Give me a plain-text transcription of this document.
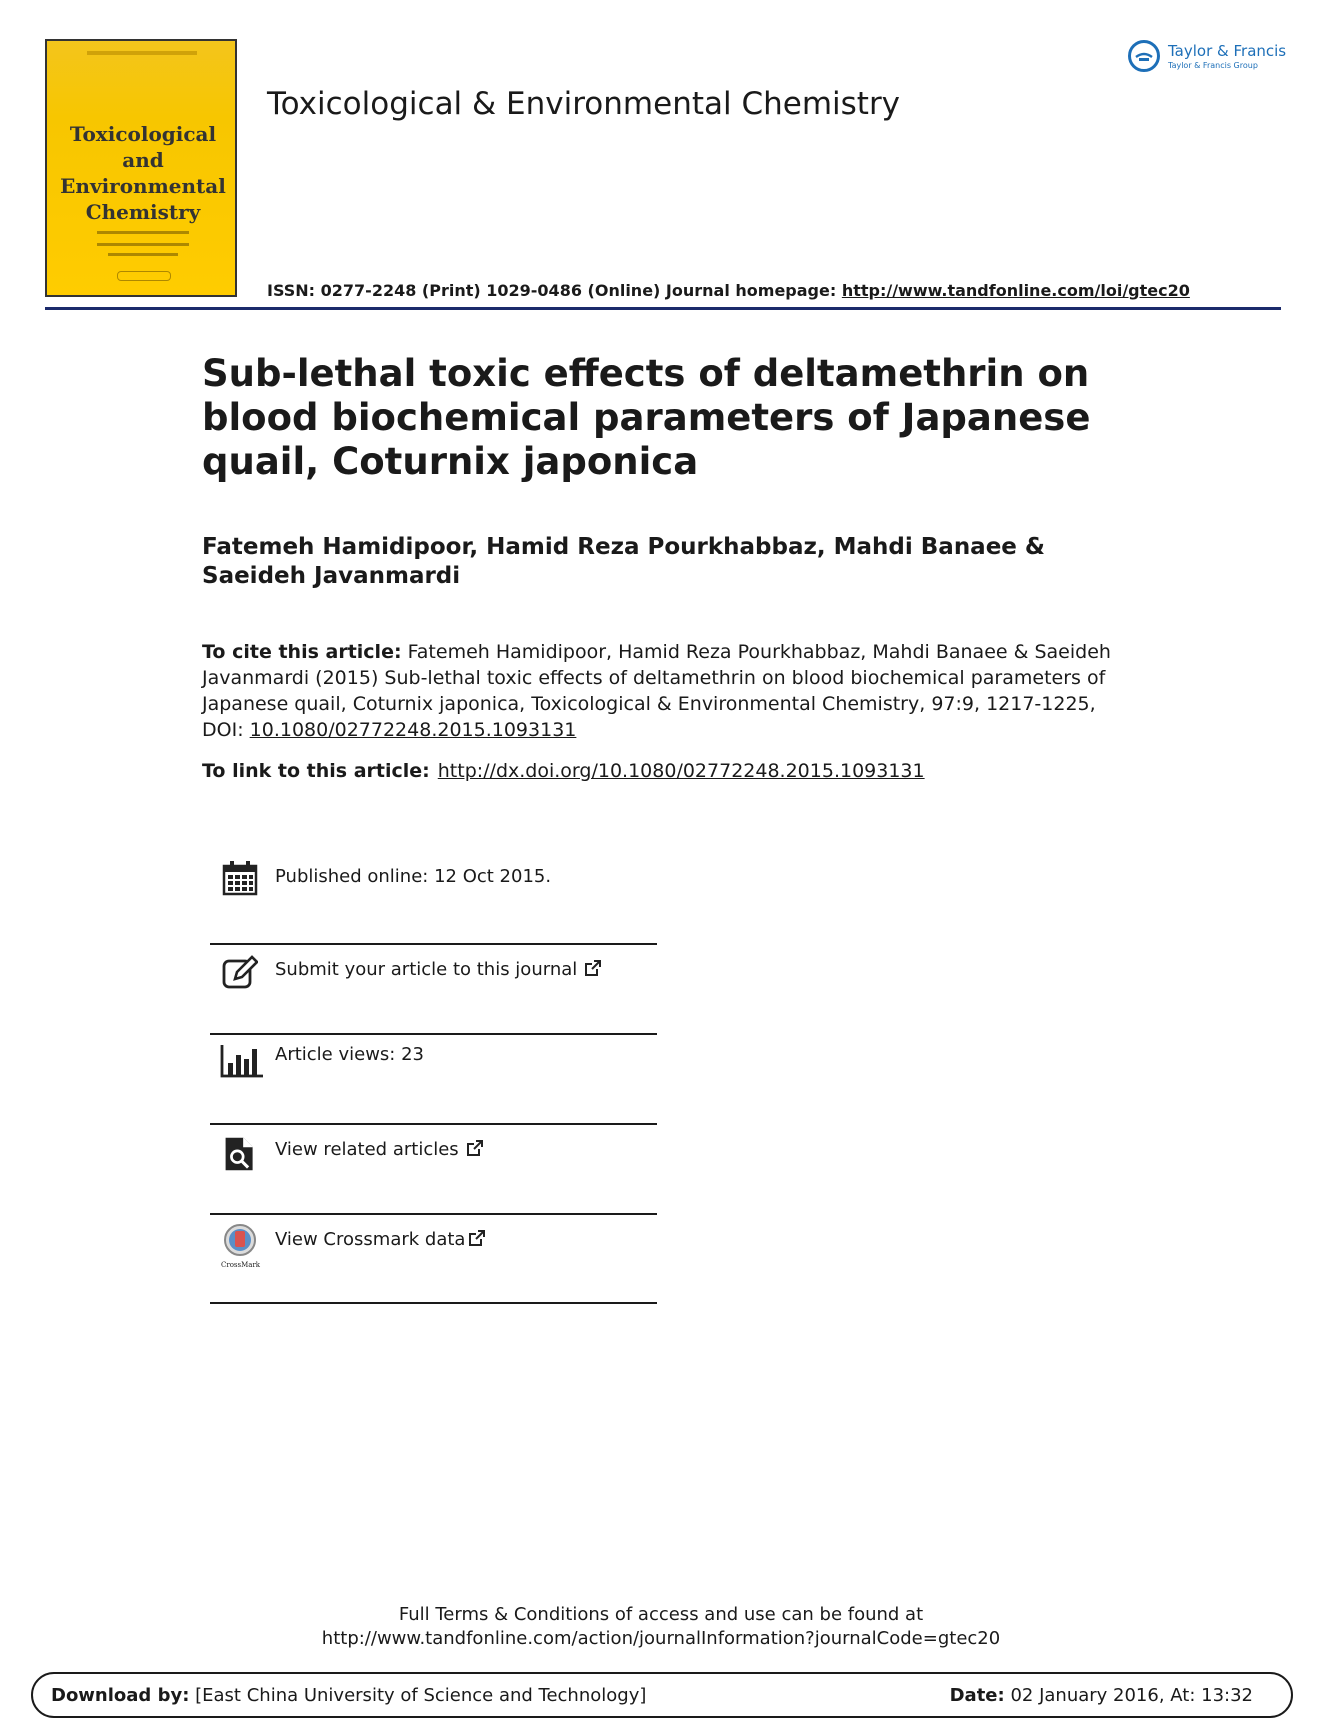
Toxicological and Environmental Chemistry
Toxicological & Environmental Chemistry
Taylor & Francis
Taylor & Francis Group
ISSN: 0277-2248 (Print) 1029-0486 (Online) Journal homepage: http://www.tandfonline.com/loi/gtec20
Sub-lethal toxic effects of deltamethrin on blood biochemical parameters of Japanese quail, Coturnix japonica
Fatemeh Hamidipoor, Hamid Reza Pourkhabbaz, Mahdi Banaee & Saeideh Javanmardi
To cite this article: Fatemeh Hamidipoor, Hamid Reza Pourkhabbaz, Mahdi Banaee & Saeideh Javanmardi (2015) Sub-lethal toxic effects of deltamethrin on blood biochemical parameters of Japanese quail, Coturnix japonica, Toxicological & Environmental Chemistry, 97:9, 1217-1225, DOI: 10.1080/02772248.2015.1093131
To link to this article: http://dx.doi.org/10.1080/02772248.2015.1093131
Published online: 12 Oct 2015.
Submit your article to this journal
Article views: 23
View related articles
CrossMark
View Crossmark data
Full Terms & Conditions of access and use can be found at
http://www.tandfonline.com/action/journalInformation?journalCode=gtec20
Download by: [East China University of Science and Technology]	Date: 02 January 2016, At: 13:32
